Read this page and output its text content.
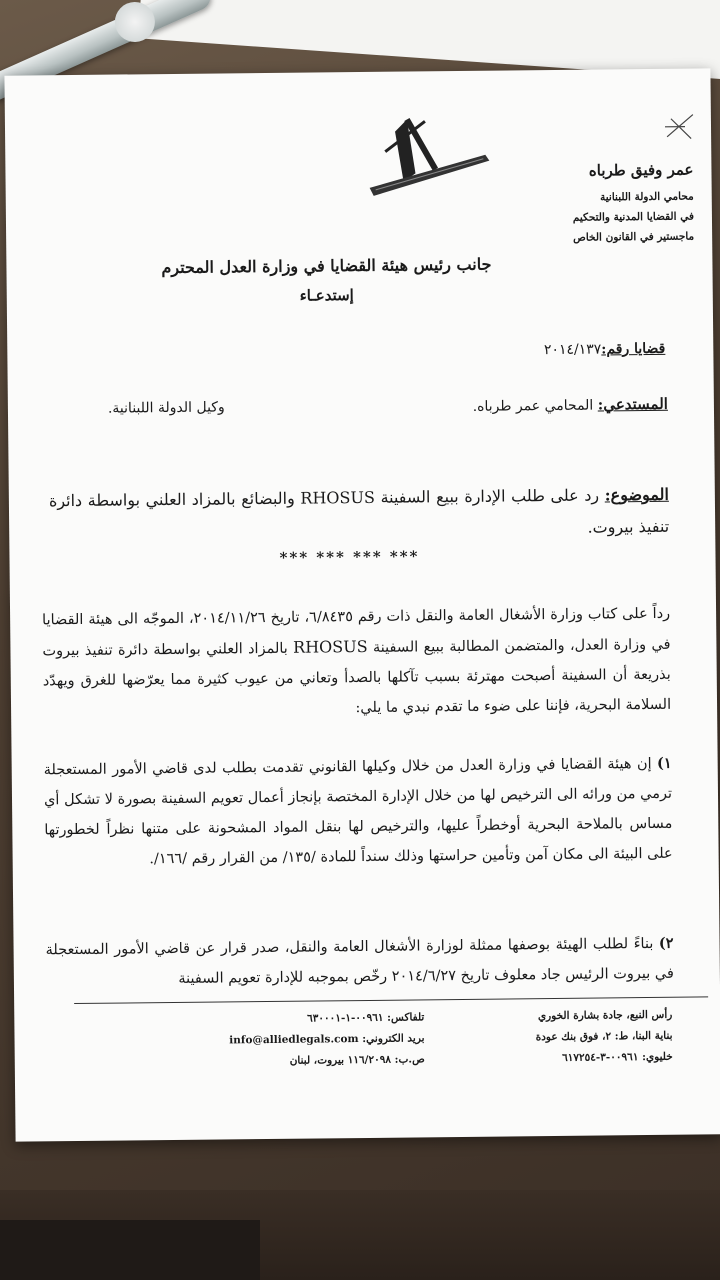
عمر وفيق طرباه
محامي الدولة اللبنانية
في القضايا المدنية والتحكيم
ماجستير في القانون الخاص
جانب رئيس هيئة القضايا في وزارة العدل المحترم
إستدعـاء
قضايا رقم:٢٠١٤/١٣٧
المستدعي: المحامي عمر طرباه.
وكيل الدولة اللبنانية.
الموضوع: رد على طلب الإدارة ببيع السفينة RHOSUS والبضائع بالمزاد العلني بواسطة دائرة تنفيذ بيروت.
*** *** *** ***
رداً على كتاب وزارة الأشغال العامة والنقل ذات رقم ٦/٨٤٣٥، تاريخ ٢٠١٤/١١/٢٦، الموجّه الى هيئة القضايا في وزارة العدل، والمتضمن المطالبة ببيع السفينة RHOSUS بالمزاد العلني بواسطة دائرة تنفيذ بيروت بذريعة أن السفينة أصبحت مهترئة بسبب تآكلها بالصدأ وتعاني من عيوب كثيرة مما يعرّضها للغرق ويهدّد السلامة البحرية، فإننا على ضوء ما تقدم نبدي ما يلي:
١) إن هيئة القضايا في وزارة العدل من خلال وكيلها القانوني تقدمت بطلب لدى قاضي الأمور المستعجلة ترمي من ورائه الى الترخيص لها من خلال الإدارة المختصة بإنجاز أعمال تعويم السفينة بصورة لا تشكل أي مساس بالملاحة البحرية أوخطراً عليها، والترخيص لها بنقل المواد المشحونة على متنها نظراً لخطورتها على البيئة الى مكان آمن وتأمين حراستها وذلك سنداً للمادة /١٣٥/ من القرار رقم /١٦٦/.
٢) بناءً لطلب الهيئة بوصفها ممثلة لوزارة الأشغال العامة والنقل، صدر قرار عن قاضي الأمور المستعجلة في بيروت الرئيس جاد معلوف تاريخ ٢٠١٤/٦/٢٧ رخّص بموجبه للإدارة تعويم السفينة
تلفاكس: ٠٠٩٦١-١-٦٣٠٠٠١
بريد الكتروني: info@alliedlegals.com
ص.ب: ١١٦/٢٠٩٨ بيروت، لبنان
رأس النبع، جادة بشارة الخوري
بناية البنا، ط: ٢، فوق بنك عودة
خليوي: ٠٠٩٦١-٣-٦١٧٢٥٤
